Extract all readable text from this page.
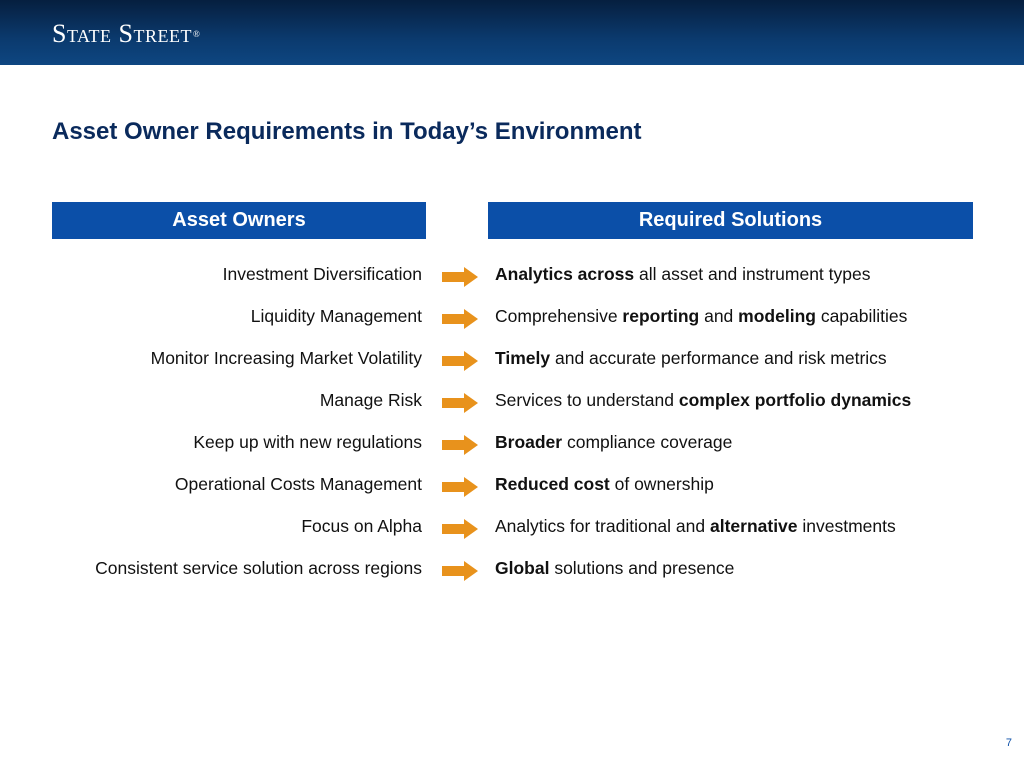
State Street®
Asset Owner Requirements in Today’s Environment
Asset Owners	Required Solutions
Investment Diversification	Analytics across all asset and instrument types
Liquidity Management	Comprehensive reporting and modeling capabilities
Monitor Increasing Market Volatility	Timely and accurate performance and risk metrics
Manage Risk	Services to understand complex portfolio dynamics
Keep up with new regulations	Broader compliance coverage
Operational Costs Management	Reduced cost of ownership
Focus on Alpha	Analytics for traditional and alternative investments
Consistent service solution across regions	Global solutions and presence
7
